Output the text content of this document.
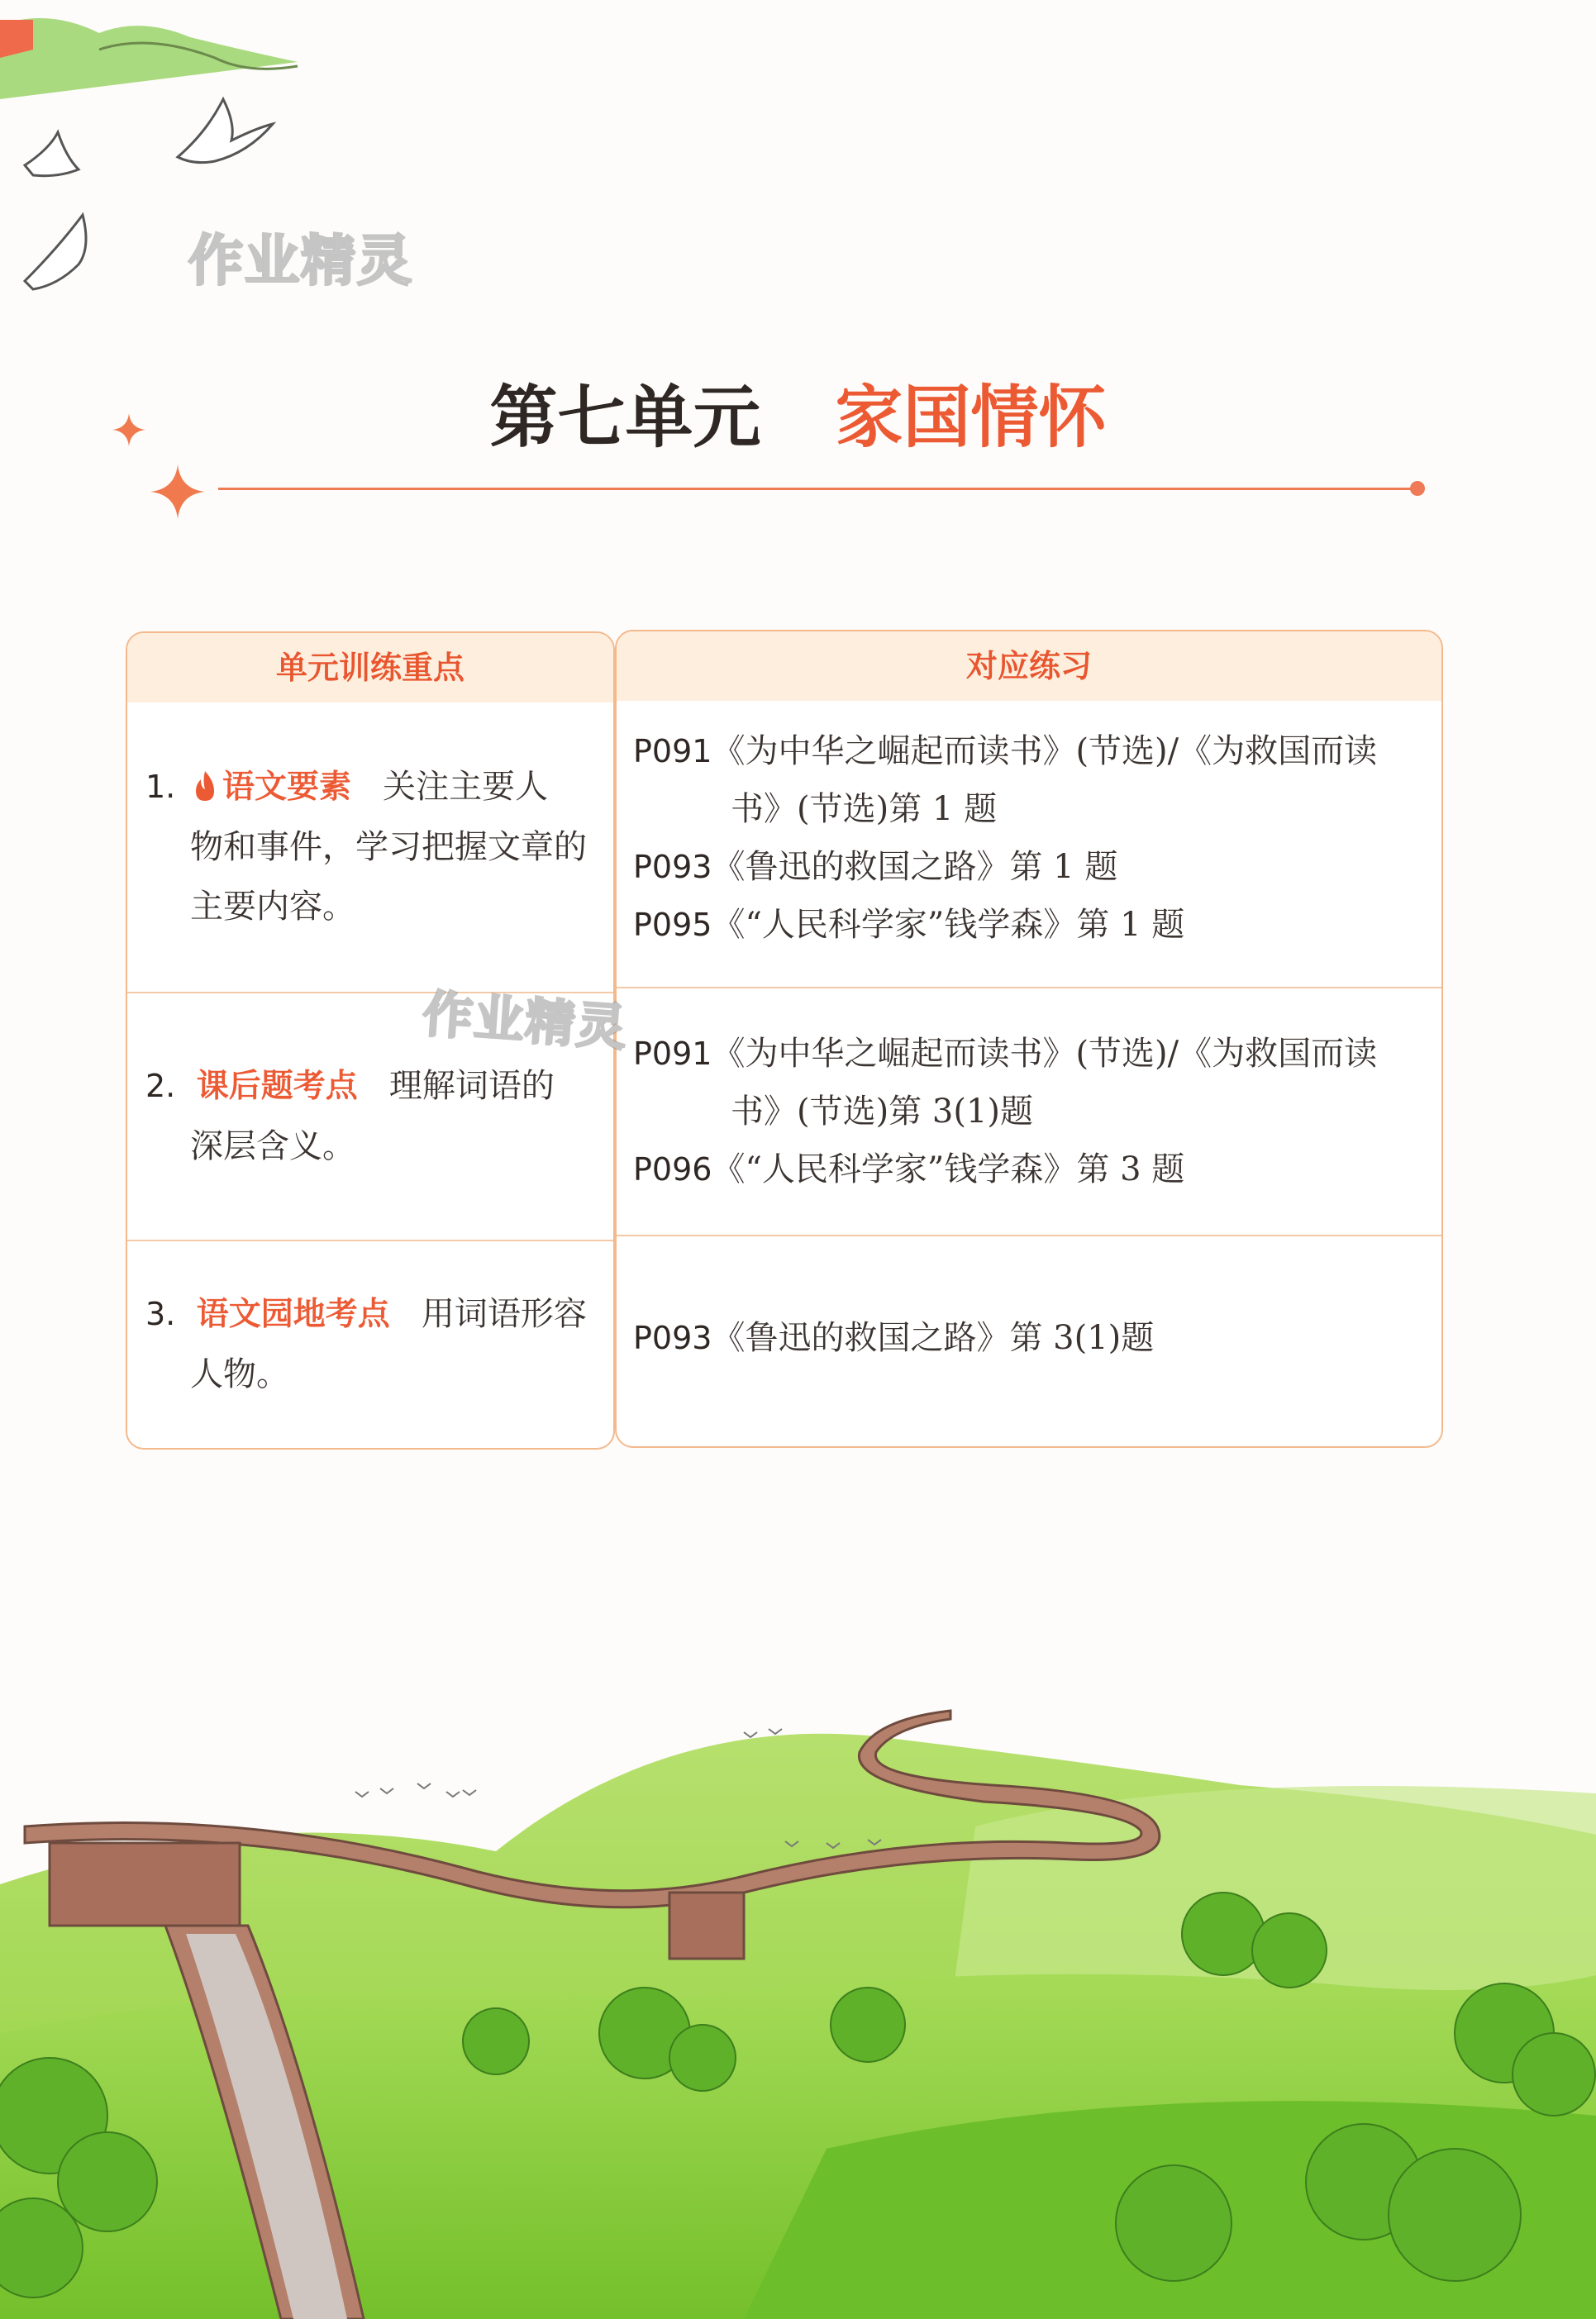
作业精灵
第七单元 家国情怀
单元训练重点
1. 语文要素 关注主要人
物和事件，学习把握文章的
主要内容。
2. 课后题考点 理解词语的
深层含义。
3. 语文园地考点 用词语形容
人物。
对应练习
P091《为中华之崛起而读书》(节选)/《为救国而读
书》(节选)第 1 题
P093《鲁迅的救国之路》第 1 题
P095《“人民科学家”钱学森》第 1 题
P091《为中华之崛起而读书》(节选)/《为救国而读
书》(节选)第 3(1)题
P096《“人民科学家”钱学森》第 3 题
P093《鲁迅的救国之路》第 3(1)题
作业精灵
